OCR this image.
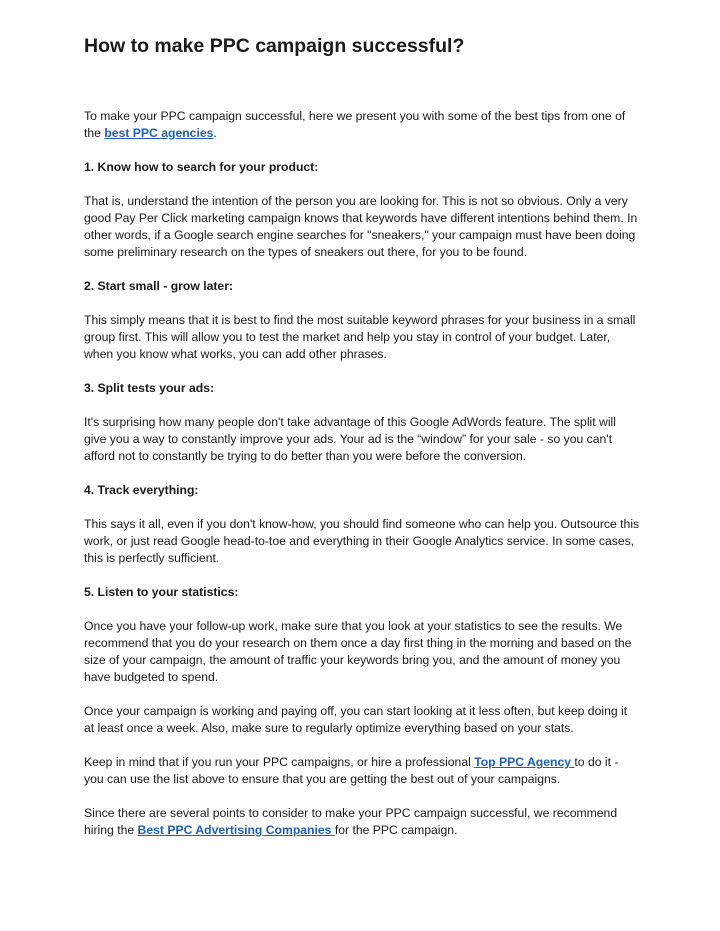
How to make PPC campaign successful?

To make your PPC campaign successful, here we present you with some of the best tips from one of the best PPC agencies.

1. Know how to search for your product:

That is, understand the intention of the person you are looking for. This is not so obvious. Only a very good Pay Per Click marketing campaign knows that keywords have different intentions behind them. In other words, if a Google search engine searches for "sneakers," your campaign must have been doing some preliminary research on the types of sneakers out there, for you to be found.

2. Start small - grow later:

This simply means that it is best to find the most suitable keyword phrases for your business in a small group first. This will allow you to test the market and help you stay in control of your budget. Later, when you know what works, you can add other phrases.

3. Split tests your ads:

It's surprising how many people don't take advantage of this Google AdWords feature. The split will give you a way to constantly improve your ads. Your ad is the “window” for your sale - so you can't afford not to constantly be trying to do better than you were before the conversion.

4. Track everything:

This says it all, even if you don't know-how, you should find someone who can help you. Outsource this work, or just read Google head-to-toe and everything in their Google Analytics service. In some cases, this is perfectly sufficient.

5. Listen to your statistics:

Once you have your follow-up work, make sure that you look at your statistics to see the results. We recommend that you do your research on them once a day first thing in the morning and based on the size of your campaign, the amount of traffic your keywords bring you, and the amount of money you have budgeted to spend.

Once your campaign is working and paying off, you can start looking at it less often, but keep doing it at least once a week. Also, make sure to regularly optimize everything based on your stats.

Keep in mind that if you run your PPC campaigns, or hire a professional Top PPC Agency to do it - you can use the list above to ensure that you are getting the best out of your campaigns.

Since there are several points to consider to make your PPC campaign successful, we recommend hiring the Best PPC Advertising Companies for the PPC campaign.
